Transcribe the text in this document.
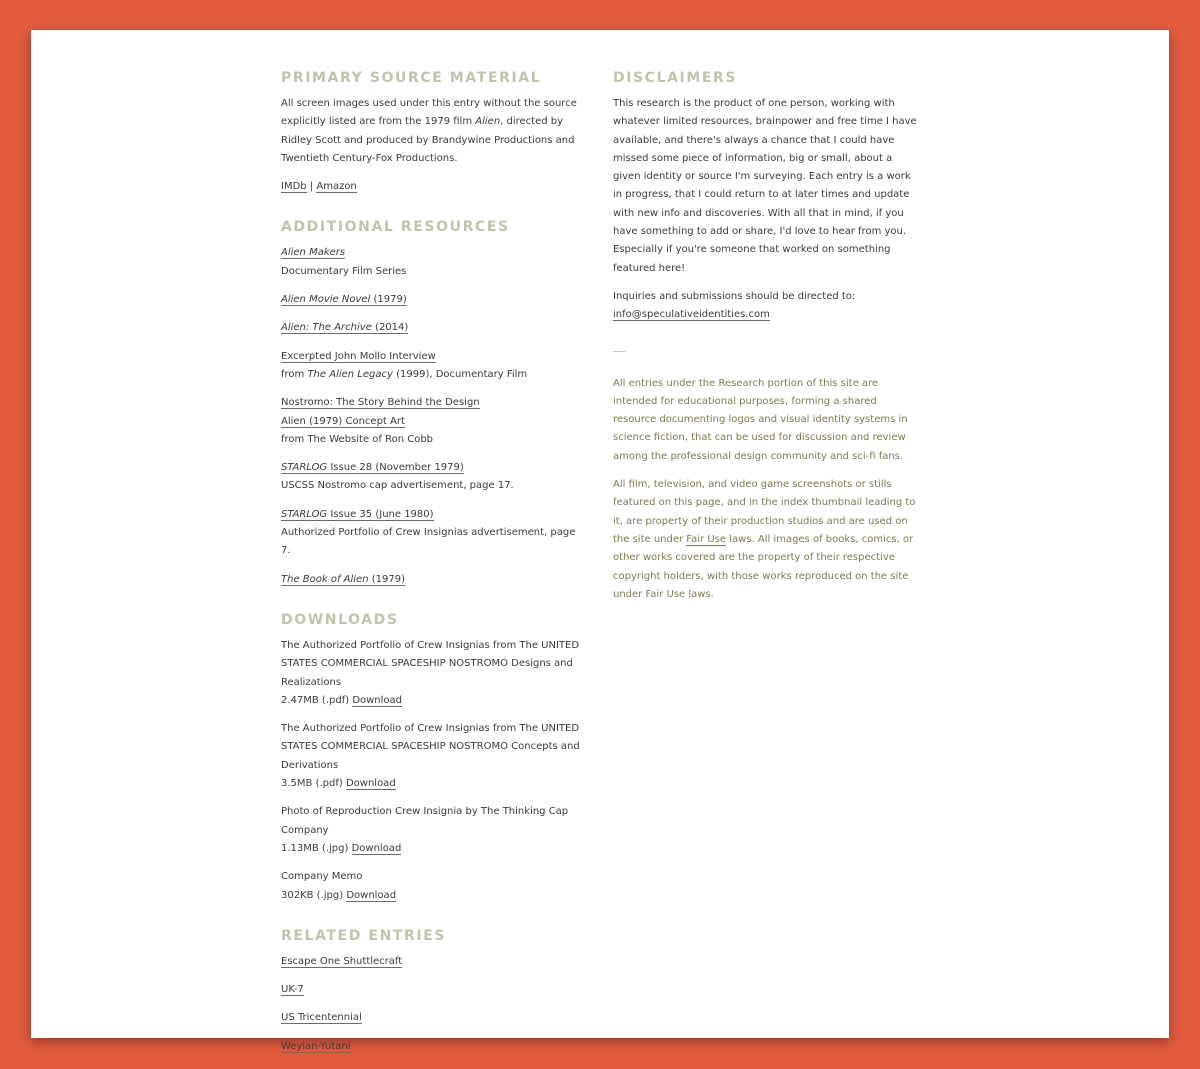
PRIMARY SOURCE MATERIAL

All screen images used under this entry without the source explicitly listed are from the 1979 film Alien, directed by Ridley Scott and produced by Brandywine Productions and Twentieth Century-Fox Productions.

IMDb | Amazon

ADDITIONAL RESOURCES

Alien Makers
Documentary Film Series

Alien Movie Novel (1979)

Alien: The Archive (2014)

Excerpted John Mollo Interview
from The Alien Legacy (1999), Documentary Film

Nostromo: The Story Behind the Design
Alien (1979) Concept Art
from The Website of Ron Cobb

STARLOG Issue 28 (November 1979)
USCSS Nostromo cap advertisement, page 17.

STARLOG Issue 35 (June 1980)
Authorized Portfolio of Crew Insignias advertisement, page 7.

The Book of Alien (1979)

DOWNLOADS

The Authorized Portfolio of Crew Insignias from The UNITED STATES COMMERCIAL SPACESHIP NOSTROMO Designs and Realizations
2.47MB (.pdf) Download

The Authorized Portfolio of Crew Insignias from The UNITED STATES COMMERCIAL SPACESHIP NOSTROMO Concepts and Derivations
3.5MB (.pdf) Download

Photo of Reproduction Crew Insignia by The Thinking Cap Company
1.13MB (.jpg) Download

Company Memo
302KB (.jpg) Download

RELATED ENTRIES

Escape One Shuttlecraft

UK-7

US Tricentennial

Weylan-Yutani

DISCLAIMERS

This research is the product of one person, working with whatever limited resources, brainpower and free time I have available, and there's always a chance that I could have missed some piece of information, big or small, about a given identity or source I'm surveying. Each entry is a work in progress, that I could return to at later times and update with new info and discoveries. With all that in mind, if you have something to add or share, I'd love to hear from you. Especially if you're someone that worked on something featured here!

Inquiries and submissions should be directed to:
info@speculativeidentities.com

All entries under the Research portion of this site are intended for educational purposes, forming a shared resource documenting logos and visual identity systems in science fiction, that can be used for discussion and review among the professional design community and sci-fi fans.

All film, television, and video game screenshots or stills featured on this page, and in the index thumbnail leading to it, are property of their production studios and are used on the site under Fair Use laws. All images of books, comics, or other works covered are the property of their respective copyright holders, with those works reproduced on the site under Fair Use laws.
